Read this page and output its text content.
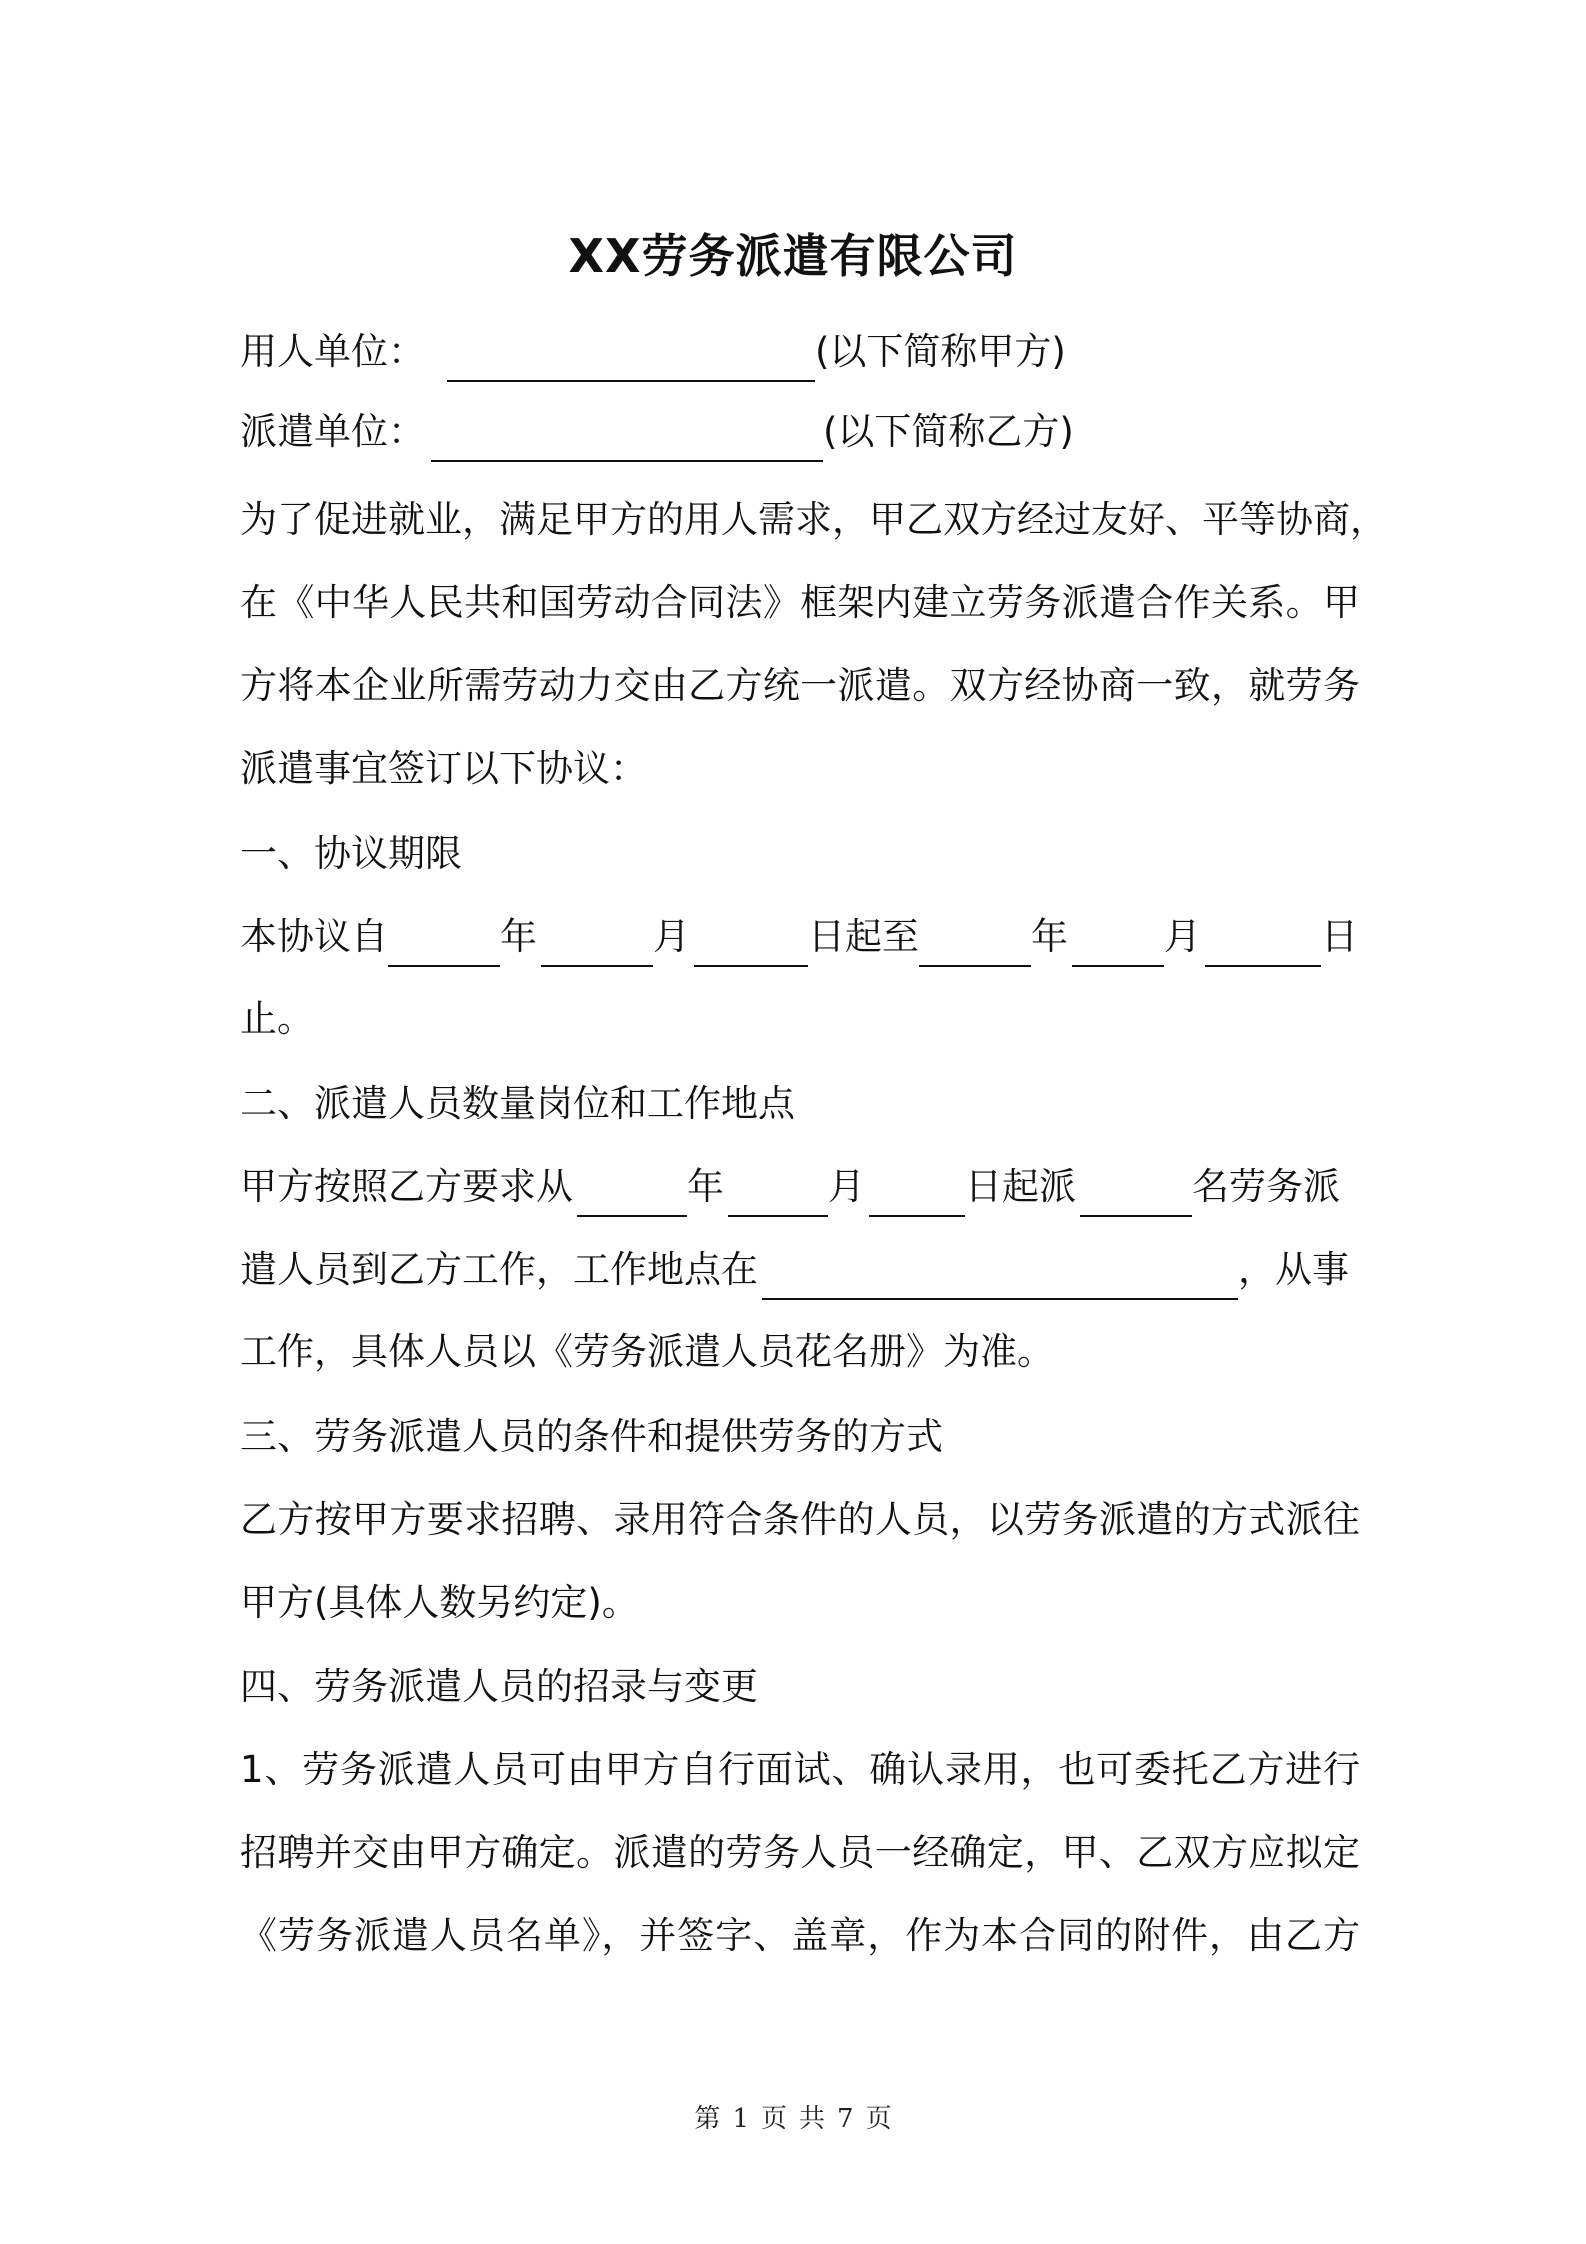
XX劳务派遣有限公司
用人单位：	(以下简称甲方)
派遣单位：	(以下简称乙方)
为了促进就业，满足甲方的用人需求，甲乙双方经过友好、平等协商，
在《中华人民共和国劳动合同法》框架内建立劳务派遣合作关系。甲
方将本企业所需劳动力交由乙方统一派遣。双方经协商一致，就劳务
派遣事宜签订以下协议：
一、协议期限
本协议自	年	月	日起至	年	月	日
止。
二、派遣人员数量岗位和工作地点
甲方按照乙方要求从	年	月	日起派	名劳务派
遣人员到乙方工作，工作地点在	，从事
工作，具体人员以《劳务派遣人员花名册》为准。
三、劳务派遣人员的条件和提供劳务的方式
乙方按甲方要求招聘、录用符合条件的人员，以劳务派遣的方式派往
甲方(具体人数另约定)。
四、劳务派遣人员的招录与变更
1、劳务派遣人员可由甲方自行面试、确认录用，也可委托乙方进行
招聘并交由甲方确定。派遣的劳务人员一经确定，甲、乙双方应拟定
《劳务派遣人员名单》，并签字、盖章，作为本合同的附件，由乙方
第 1 页 共 7 页
